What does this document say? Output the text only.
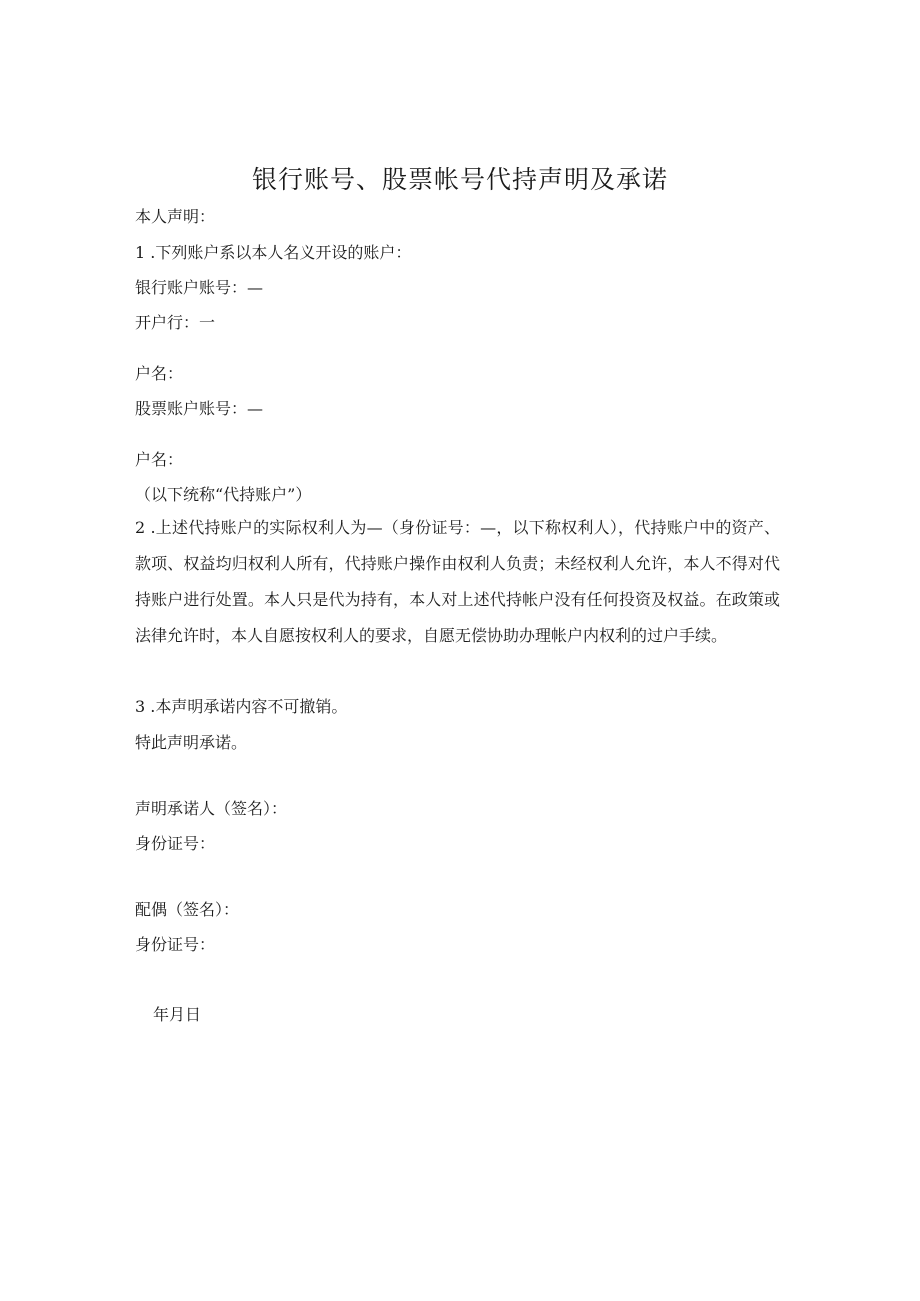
银行账号、股票帐号代持声明及承诺

本人声明：

1 .下列账户系以本人名义开设的账户：

银行账户账号：—

开户行：一

户名：

股票账户账号：—

户名：

（以下统称“代持账户”）

2 .上述代持账户的实际权利人为—（身份证号：—，以下称权利人），代持账户中的资产、款项、权益均归权利人所有，代持账户操作由权利人负责；未经权利人允许，本人不得对代持账户进行处置。本人只是代为持有，本人对上述代持帐户没有任何投资及权益。在政策或法律允许时，本人自愿按权利人的要求，自愿无偿协助办理帐户内权利的过户手续。

3 .本声明承诺内容不可撤销。

特此声明承诺。

声明承诺人（签名）：

身份证号：

配偶（签名）：

身份证号：

年月日
